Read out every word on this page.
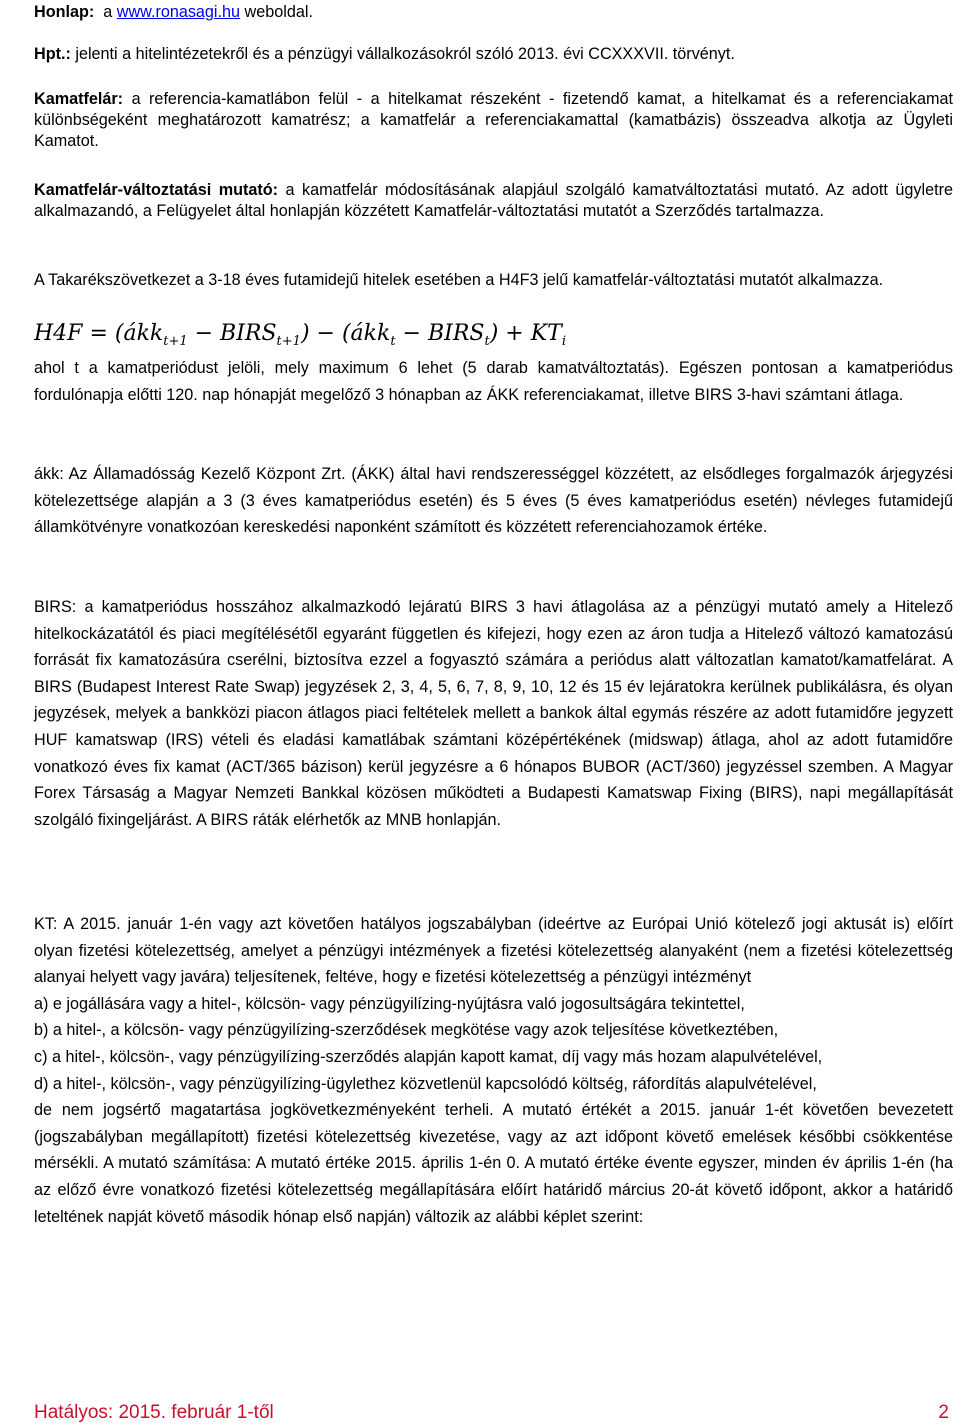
Honlap: a www.ronasagi.hu weboldal.
Hpt.: jelenti a hitelintézetekről és a pénzügyi vállalkozásokról szóló 2013. évi CCXXXVII. törvényt.
Kamatfelár: a referencia-kamatlábon felül - a hitelkamat részeként - fizetendő kamat, a hitelkamat és a referenciakamat különbségeként meghatározott kamatrész; a kamatfelár a referenciakamattal (kamatbázis) összeadva alkotja az Ügyleti Kamatot.
Kamatfelár-változtatási mutató: a kamatfelár módosításának alapjául szolgáló kamatváltoztatási mutató. Az adott ügyletre alkalmazandó, a Felügyelet által honlapján közzétett Kamatfelár-változtatási mutatót a Szerződés tartalmazza.
A Takarékszövetkezet a 3-18 éves futamidejű hitelek esetében a H4F3 jelű kamatfelár-változtatási mutatót alkalmazza.
H4F = (ákk$_{t+1}$ − $BIRS_{t+1}$) − (ákk$_t$ − $BIRS_t) + KT_i$
ahol t a kamatperiódust jelöli, mely maximum 6 lehet (5 darab kamatváltoztatás). Egészen pontosan a kamatperiódus fordulónapja előtti 120. nap hónapját megelőző 3 hónapban az ÁKK referenciakamat, illetve BIRS 3-havi számtani átlaga.
ákk: Az Államadósság Kezelő Központ Zrt. (ÁKK) által havi rendszerességgel közzétett, az elsődleges forgalmazók árjegyzési kötelezettsége alapján a 3 (3 éves kamatperiódus esetén) és 5 éves (5 éves kamatperiódus esetén) névleges futamidejű államkötvényre vonatkozóan kereskedési naponként számított és közzétett referenciahozamok értéke.
BIRS: a kamatperiódus hosszához alkalmazkodó lejáratú BIRS 3 havi átlagolása az a pénzügyi mutató amely a Hitelező hitelkockázatától és piaci megítélésétől egyaránt független és kifejezi, hogy ezen az áron tudja a Hitelező változó kamatozású forrását fix kamatozásúra cserélni, biztosítva ezzel a fogyasztó számára a periódus alatt változatlan kamatot/kamatfelárat. A BIRS (Budapest Interest Rate Swap) jegyzések 2, 3, 4, 5, 6, 7, 8, 9, 10, 12 és 15 év lejáratokra kerülnek publikálásra, és olyan jegyzések, melyek a bankközi piacon átlagos piaci feltételek mellett a bankok által egymás részére az adott futamidőre jegyzett HUF kamatswap (IRS) vételi és eladási kamatlábak számtani középértékének (midswap) átlaga, ahol az adott futamidőre vonatkozó éves fix kamat (ACT/365 bázison) kerül jegyzésre a 6 hónapos BUBOR (ACT/360) jegyzéssel szemben. A Magyar Forex Társaság a Magyar Nemzeti Bankkal közösen működteti a Budapesti Kamatswap Fixing (BIRS), napi megállapítását szolgáló fixingeljárást. A BIRS ráták elérhetők az MNB honlapján.
KT: A 2015. január 1-én vagy azt követően hatályos jogszabályban (ideértve az Európai Unió kötelező jogi aktusát is) előírt olyan fizetési kötelezettség, amelyet a pénzügyi intézmények a fizetési kötelezettség alanyaként (nem a fizetési kötelezettség alanyai helyett vagy javára) teljesítenek, feltéve, hogy e fizetési kötelezettség a pénzügyi intézményt
a) e jogállására vagy a hitel-, kölcsön- vagy pénzügyilízing-nyújtásra való jogosultságára tekintettel,
b) a hitel-, a kölcsön- vagy pénzügyilízing-szerződések megkötése vagy azok teljesítése következtében,
c) a hitel-, kölcsön-, vagy pénzügyilízing-szerződés alapján kapott kamat, díj vagy más hozam alapulvételével,
d) a hitel-, kölcsön-, vagy pénzügyilízing-ügylethez közvetlenül kapcsolódó költség, ráfordítás alapulvételével,
de nem jogsértő magatartása jogkövetkezményeként terheli. A mutató értékét a 2015. január 1-ét követően bevezetett (jogszabályban megállapított) fizetési kötelezettség kivezetése, vagy az azt időpont követő emelések későbbi csökkentése mérsékli. A mutató számítása: A mutató értéke 2015. április 1-én 0. A mutató értéke évente egyszer, minden év április 1-én (ha az előző évre vonatkozó fizetési kötelezettség megállapítására előírt határidő március 20-át követő időpont, akkor a határidő leteltének napját követő második hónap első napján) változik az alábbi képlet szerint:
Hatályos: 2015. február 1-től	2
